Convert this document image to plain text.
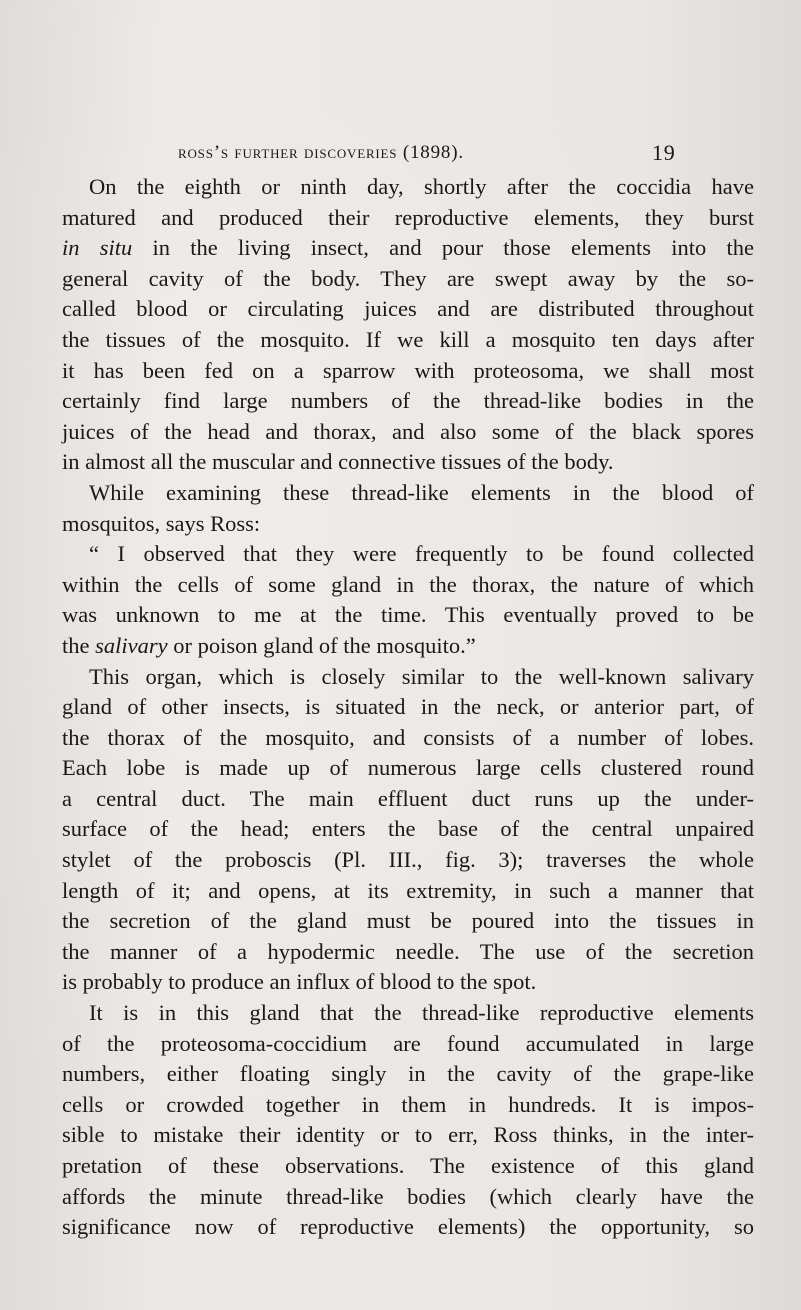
ross’s further discoveries (1898).	19
On the eighth or ninth day, shortly after the coccidia have
matured and produced their reproductive elements, they burst
in situ in the living insect, and pour those elements into the
general cavity of the body. They are swept away by the so-
called blood or circulating juices and are distributed throughout
the tissues of the mosquito. If we kill a mosquito ten days after
it has been fed on a sparrow with proteosoma, we shall most
certainly find large numbers of the thread-like bodies in the
juices of the head and thorax, and also some of the black spores
in almost all the muscular and connective tissues of the body.
While examining these thread-like elements in the blood of
mosquitos, says Ross:
“ I observed that they were frequently to be found collected
within the cells of some gland in the thorax, the nature of which
was unknown to me at the time. This eventually proved to be
the salivary or poison gland of the mosquito.”
This organ, which is closely similar to the well-known salivary
gland of other insects, is situated in the neck, or anterior part, of
the thorax of the mosquito, and consists of a number of lobes.
Each lobe is made up of numerous large cells clustered round
a central duct. The main effluent duct runs up the under-
surface of the head; enters the base of the central unpaired
stylet of the proboscis (Pl. III., fig. 3); traverses the whole
length of it; and opens, at its extremity, in such a manner that
the secretion of the gland must be poured into the tissues in
the manner of a hypodermic needle. The use of the secretion
is probably to produce an influx of blood to the spot.
It is in this gland that the thread-like reproductive elements
of the proteosoma-coccidium are found accumulated in large
numbers, either floating singly in the cavity of the grape-like
cells or crowded together in them in hundreds. It is impos-
sible to mistake their identity or to err, Ross thinks, in the inter-
pretation of these observations. The existence of this gland
affords the minute thread-like bodies (which clearly have the
significance now of reproductive elements) the opportunity, so
